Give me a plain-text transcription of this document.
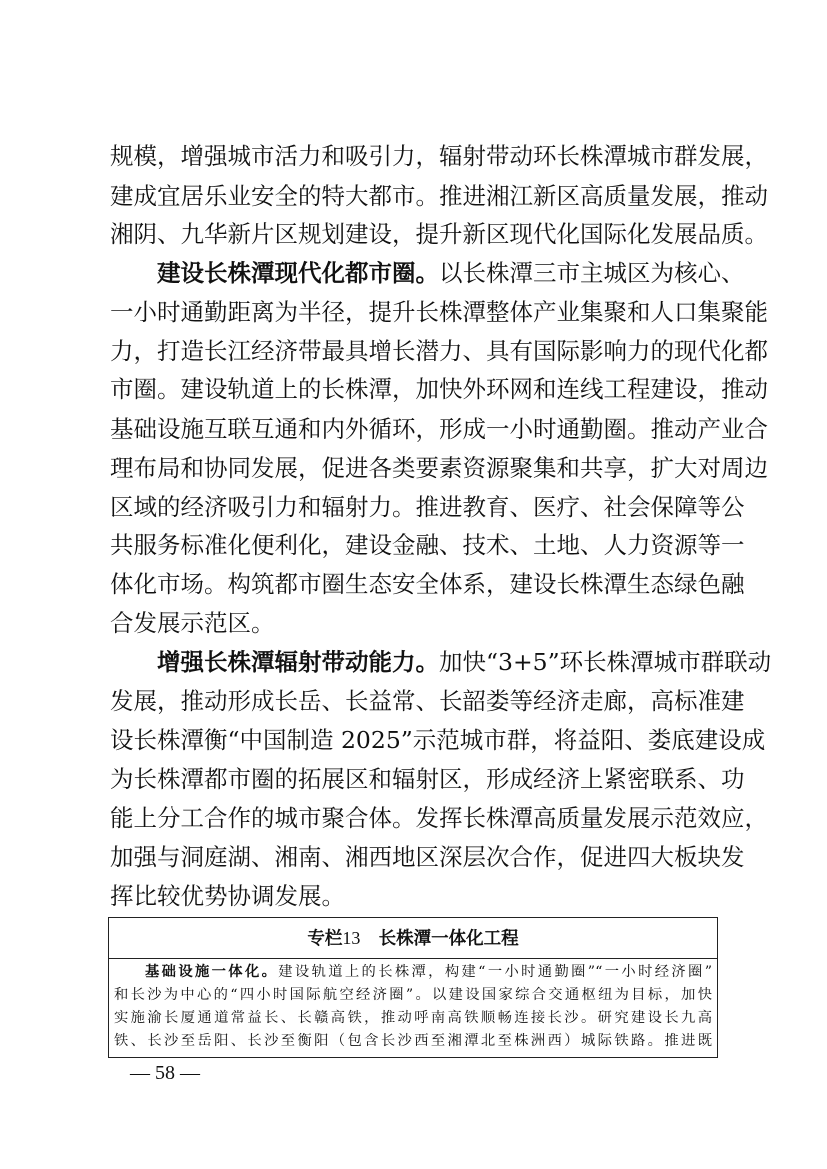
规模，增强城市活力和吸引力，辐射带动环长株潭城市群发展，
建成宜居乐业安全的特大都市。推进湘江新区高质量发展，推动
湘阴、九华新片区规划建设，提升新区现代化国际化发展品质。
建设长株潭现代化都市圈。以长株潭三市主城区为核心、
一小时通勤距离为半径，提升长株潭整体产业集聚和人口集聚能
力，打造长江经济带最具增长潜力、具有国际影响力的现代化都
市圈。建设轨道上的长株潭，加快外环网和连线工程建设，推动
基础设施互联互通和内外循环，形成一小时通勤圈。推动产业合
理布局和协同发展，促进各类要素资源聚集和共享，扩大对周边
区域的经济吸引力和辐射力。推进教育、医疗、社会保障等公
共服务标准化便利化，建设金融、技术、土地、人力资源等一
体化市场。构筑都市圈生态安全体系，建设长株潭生态绿色融
合发展示范区。
增强长株潭辐射带动能力。加快“3+5”环长株潭城市群联动
发展，推动形成长岳、长益常、长韶娄等经济走廊，高标准建
设长株潭衡“中国制造 2025”示范城市群，将益阳、娄底建设成
为长株潭都市圈的拓展区和辐射区，形成经济上紧密联系、功
能上分工合作的城市聚合体。发挥长株潭高质量发展示范效应，
加强与洞庭湖、湘南、湘西地区深层次合作，促进四大板块发
挥比较优势协调发展。
专栏13 长株潭一体化工程
基础设施一体化。建设轨道上的长株潭，构建“一小时通勤圈”“一小时经济圈”
和长沙为中心的“四小时国际航空经济圈”。以建设国家综合交通枢纽为目标，加快
实施渝长厦通道常益长、长赣高铁，推动呼南高铁顺畅连接长沙。研究建设长九高
铁、长沙至岳阳、长沙至衡阳（包含长沙西至湘潭北至株洲西）城际铁路。推进既
— 58 —
